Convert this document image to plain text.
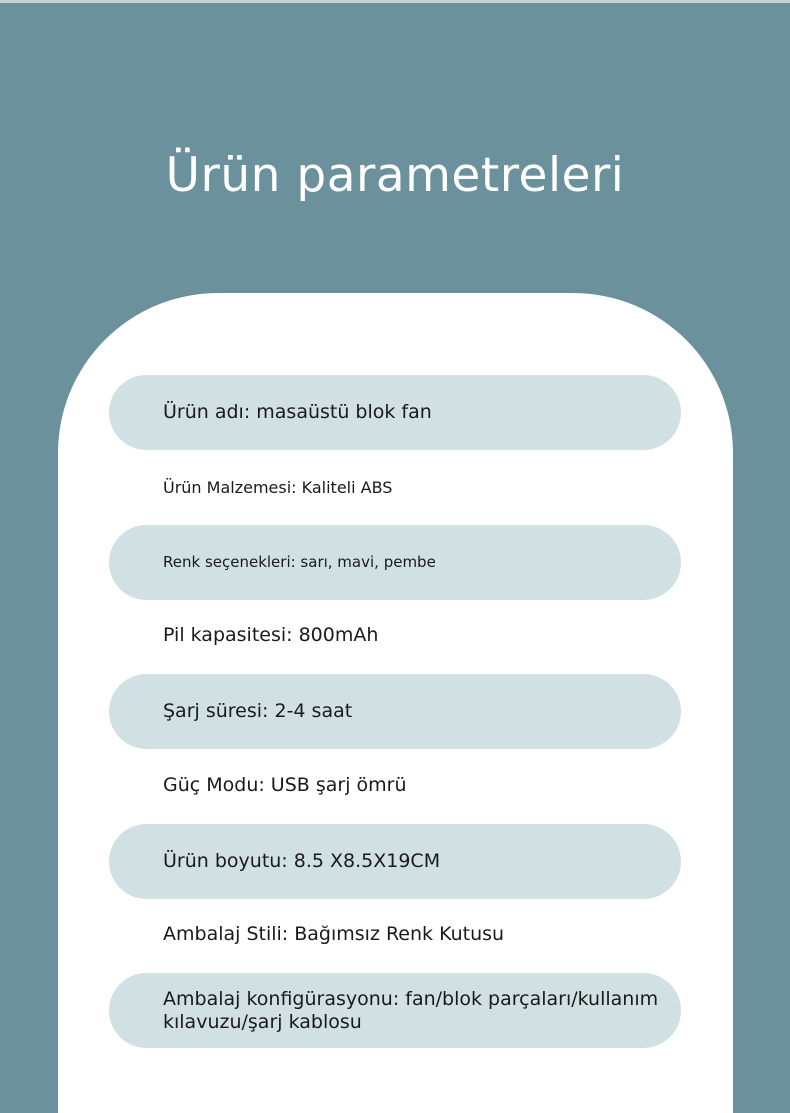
Ürün parametreleri
Ürün adı: masaüstü blok fan
Ürün Malzemesi: Kaliteli ABS
Renk seçenekleri: sarı, mavi, pembe
Pil kapasitesi: 800mAh
Şarj süresi: 2-4 saat
Güç Modu: USB şarj ömrü
Ürün boyutu: 8.5 X8.5X19CM
Ambalaj Stili: Bağımsız Renk Kutusu
Ambalaj konfigürasyonu: fan/blok parçaları/kullanım kılavuzu/şarj kablosu
